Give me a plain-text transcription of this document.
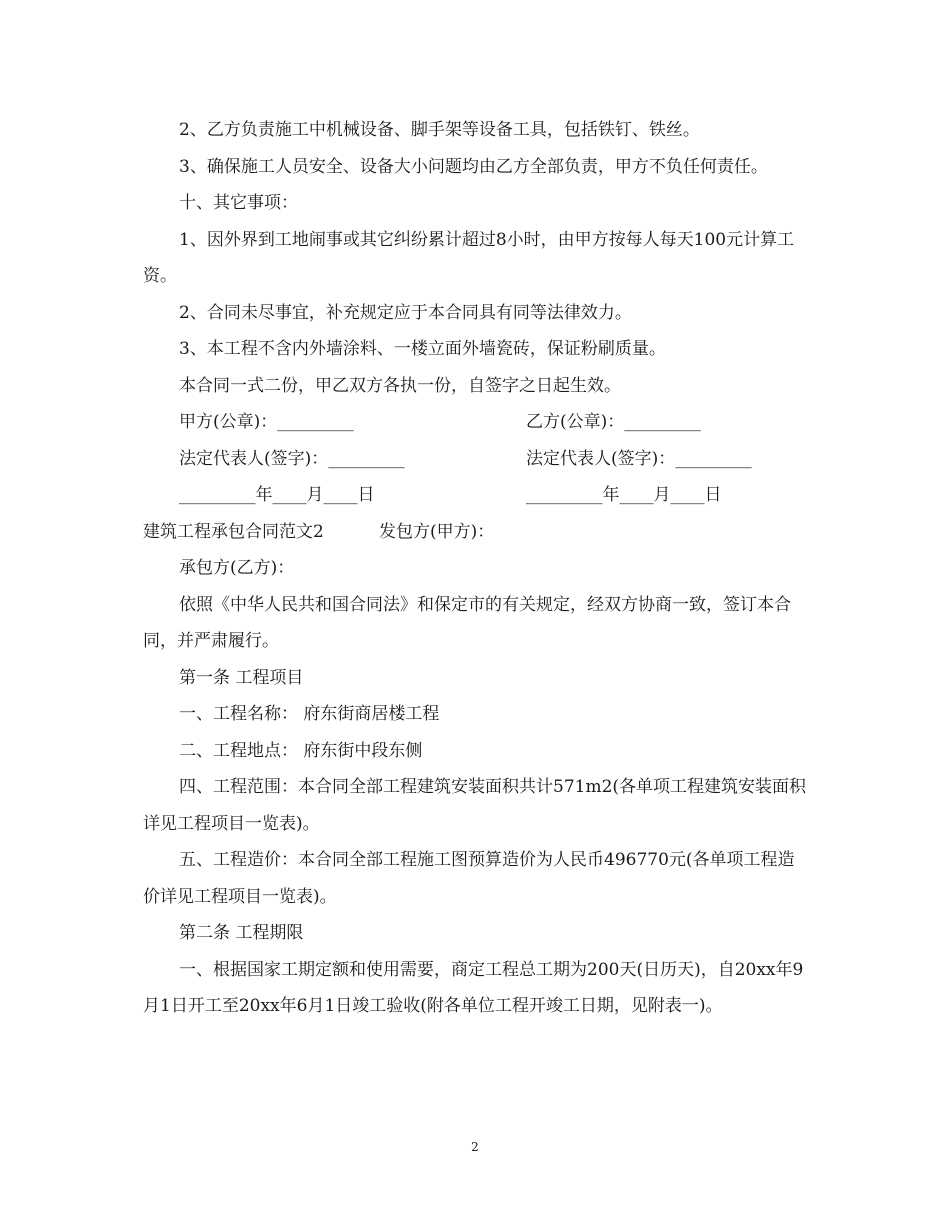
2、乙方负责施工中机械设备、脚手架等设备工具，包括铁钉、铁丝。

3、确保施工人员安全、设备大小问题均由乙方全部负责，甲方不负任何责任。

十、其它事项：

1、因外界到工地闹事或其它纠纷累计超过8小时，由甲方按每人每天100元计算工资。

2、合同未尽事宜，补充规定应于本合同具有同等法律效力。

3、本工程不含内外墙涂料、一楼立面外墙瓷砖，保证粉刷质量。

本合同一式二份，甲乙双方各执一份，自签字之日起生效。

甲方(公章)：_________	乙方(公章)：_________
法定代表人(签字)：_________	法定代表人(签字)：_________
_________年____月____日	_________年____月____日
建筑工程承包合同范文2	发包方(甲方)：

承包方(乙方)：

依照《中华人民共和国合同法》和保定市的有关规定，经双方协商一致，签订本合同，并严肃履行。

第一条 工程项目

一、工程名称： 府东街商居楼工程

二、工程地点： 府东街中段东侧

四、工程范围：本合同全部工程建筑安装面积共计571m2(各单项工程建筑安装面积详见工程项目一览表)。

五、工程造价：本合同全部工程施工图预算造价为人民币496770元(各单项工程造价详见工程项目一览表)。

第二条 工程期限

一、根据国家工期定额和使用需要，商定工程总工期为200天(日历天)，自20xx年9月1日开工至20xx年6月1日竣工验收(附各单位工程开竣工日期，见附表一)。

2
